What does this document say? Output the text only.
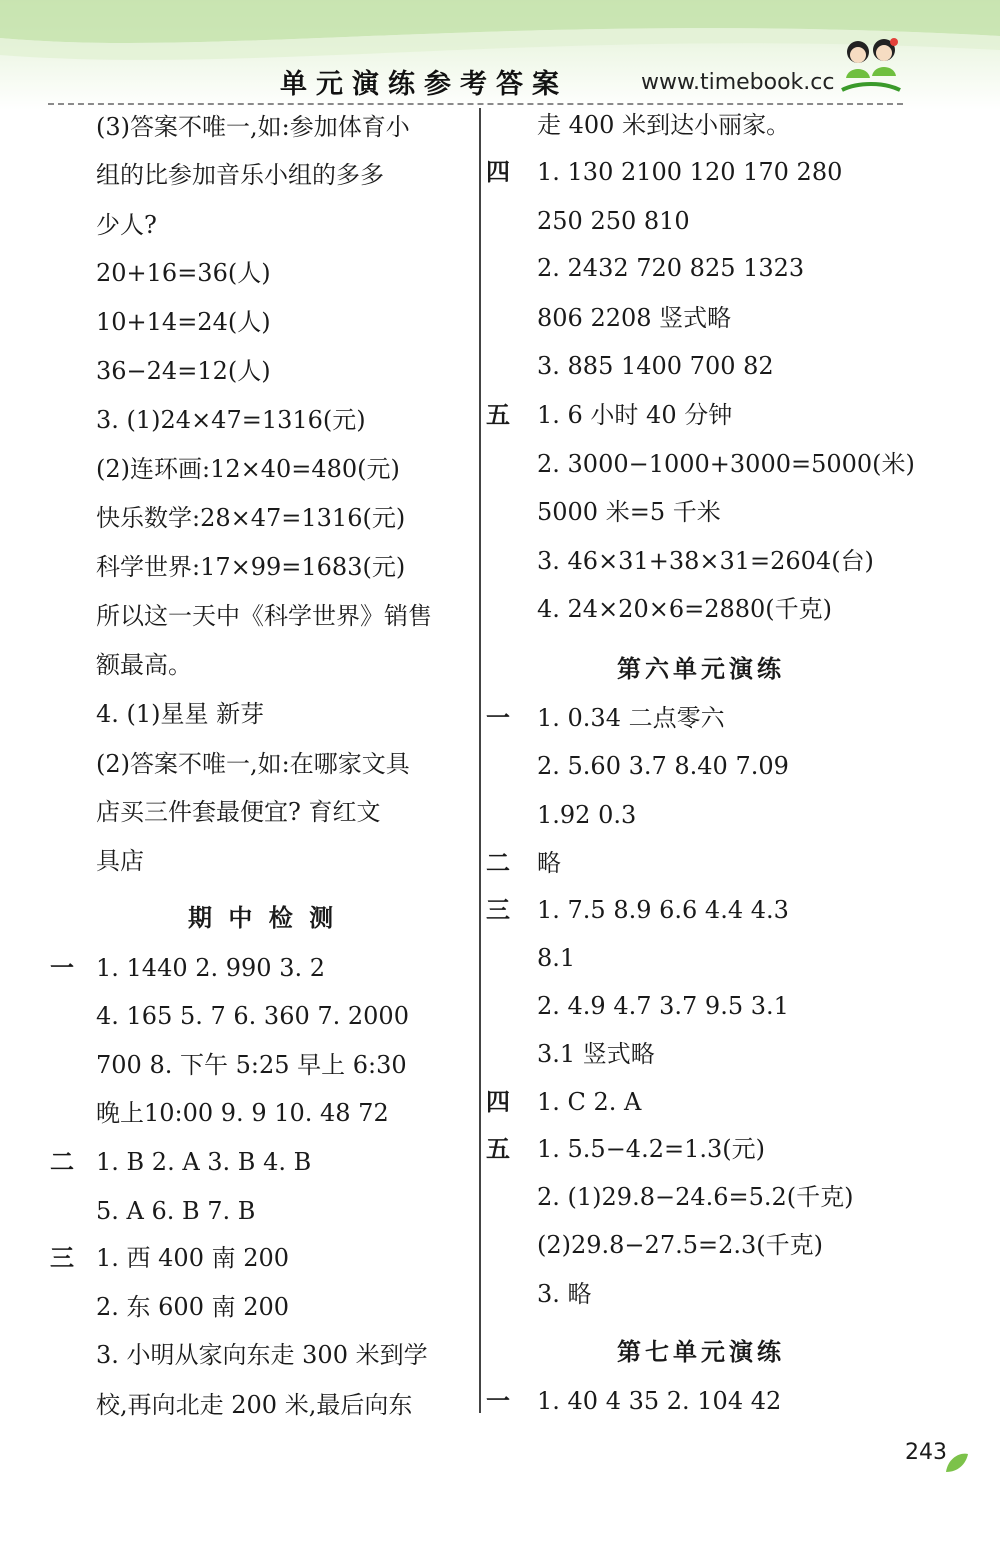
单元演练参考答案	www.timebook.cc
(3)答案不唯一,如:参加体育小
组的比参加音乐小组的多多
少人?
20+16=36(人)
10+14=24(人)
36−24=12(人)
3. (1)24×47=1316(元)
(2)连环画:12×40=480(元)
快乐数学:28×47=1316(元)
科学世界:17×99=1683(元)
所以这一天中《科学世界》销售
额最高。
4. (1)星星 新芽
(2)答案不唯一,如:在哪家文具
店买三件套最便宜? 育红文
具店
期 中 检 测
一 1. 1440 2. 990 3. 2
4. 165 5. 7 6. 360 7. 2000
700 8. 下午 5:25 早上 6:30
晚上10:00 9. 9 10. 48 72
二 1. B 2. A 3. B 4. B
5. A 6. B 7. B
三 1. 西 400 南 200
2. 东 600 南 200
3. 小明从家向东走 300 米到学
校,再向北走 200 米,最后向东
走 400 米到达小丽家。
四 1. 130 2100 120 170 280
250 250 810
2. 2432 720 825 1323
806 2208 竖式略
3. 885 1400 700 82
五 1. 6 小时 40 分钟
2. 3000−1000+3000=5000(米)
5000 米=5 千米
3. 46×31+38×31=2604(台)
4. 24×20×6=2880(千克)
第六单元演练
一 1. 0.34 二点零六
2. 5.60 3.7 8.40 7.09
1.92 0.3
二 略
三 1. 7.5 8.9 6.6 4.4 4.3
8.1
2. 4.9 4.7 3.7 9.5 3.1
3.1 竖式略
四 1. C 2. A
五 1. 5.5−4.2=1.3(元)
2. (1)29.8−24.6=5.2(千克)
(2)29.8−27.5=2.3(千克)
3. 略
第七单元演练
一 1. 40 4 35 2. 104 42
243
